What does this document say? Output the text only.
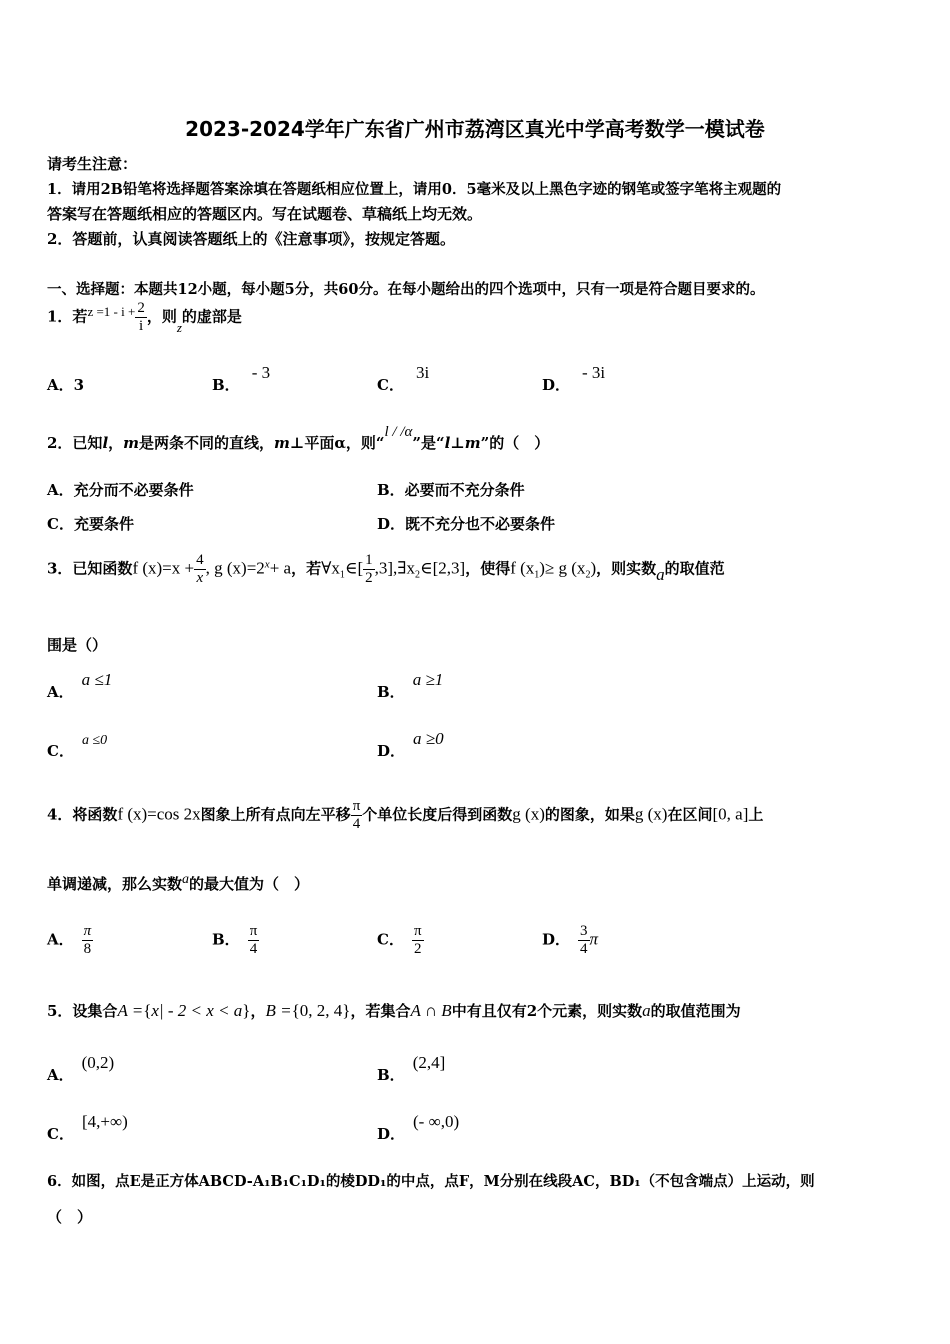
2023-2024学年广东省广州市荔湾区真光中学高考数学一模试卷
请考生注意：
1．请用2B铅笔将选择题答案涂填在答题纸相应位置上，请用0．5毫米及以上黑色字迹的钢笔或签字笔将主观题的
答案写在答题纸相应的答题区内。写在试题卷、草稿纸上均无效。
2．答题前，认真阅读答题纸上的《注意事项》，按规定答题。
一、选择题：本题共12小题，每小题5分，共60分。在每小题给出的四个选项中，只有一项是符合题目要求的。
1．若$z =1 - i + \frac{2}{i}$ ，则z的虚部是
A．3	B．- 3
C．3i
D．- 3i
2．已知l，m是两条不同的直线，m⊥平面α，则“l / /α”是“l⊥m”的（　）
A．充分而不必要条件	B．必要而不充分条件
C．充要条件	D．既不充分也不必要条件
3．已知函数f $(x)=x + \frac{4}{x}$ , g $(x)=2^x+ a$，若$\forall x_1\in[ \frac{1}{2}$ $,3],\exists x_2\in[2,3]$，使得f $(x_1)\ge g$ $(x_2)$，则实数a的取值范
围是（）
A．a ≤1
B．a ≥1
C．a ≤0
D．a ≥0
4．将函数f (x)=cos 2x图象上所有点向左平移 $\frac{\pi}{4}$ 个单位长度后得到函数g (x)的图象，如果g (x)在区间[0, a]上
单调递减，那么实数a的最大值为（　）
A． $\frac{\pi}{8}$	B． $\frac{\pi}{4}$	C． $\frac{\pi}{2}$	D． $\frac{3}{4}$ π
5．设集合A ={x| - 2 < x < a}，B ={0, 2, 4}，若集合A ∩ B中有且仅有2个元素，则实数a的取值范围为
A．(0,2)
B．(2,4]
C．[4,+∞)
D．(- ∞,0)
6．如图，点E是正方体ABCD-A₁B₁C₁D₁的棱DD₁的中点，点F，M分别在线段AC，BD₁（不包含端点）上运动，则
（　）
